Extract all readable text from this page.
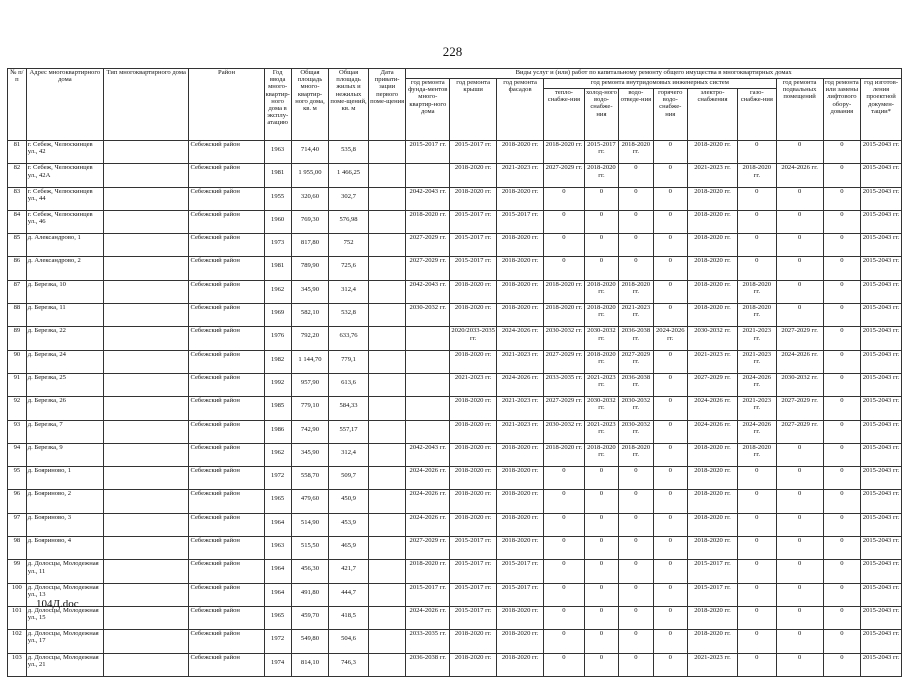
228
№ п/п	Адрес многоквартирного дома	Тип многоквартирного дома	Район	Год ввода много-квартир-ного дома в эксплу-атацию	Общая площадь много-квартир-ного дома, кв. м	Общая площадь жилых и нежилых поме-щений, кв. м	Дата привати-зации первого поме-щения	Виды услуг и (или) работ по капитальному ремонту общего имущества в многоквартирных домах											
								год ремонта фунда-ментов много-квартир-ного дома	год ремонта крыши	год ремонта фасадов	год ремонта внутридомовых инженерных систем						год ремонта подвальных помещений	год ремонта или замены лифтового обору-дования	год изготов-ления проектной докумен-тации*
											тепло-снабже-ния	холод-ного водо-снабже-ния	водо-отведе-ния	горячего водо-снабже-ния	электро-снабжения	газо-снабже-ния			
81	г. Себеж, Челюскинцев ул., 42		Себежский район	1963	714,40	535,8		2015-2017 гг.	2015-2017 гг.	2018-2020 гг.	2018-2020 гг.	2015-2017 гг.	2018-2020 гг.	0	2018-2020 гг.	0	0	0	2015-2043 гг.
82	г. Себеж, Челюскинцев ул., 42А		Себежский район	1981	1 955,00	1 466,25			2018-2020 гг.	2021-2023 гг.	2027-2029 гг.	2018-2020 гг.	0	0	2021-2023 гг.	2018-2020 гг.	2024-2026 гг.	0	2015-2043 гг.
83	г. Себеж, Челюскинцев ул., 44		Себежский район	1955	320,60	302,7		2042-2043 гг.	2018-2020 гг.	2018-2020 гг.	0	0	0	0	2018-2020 гг.	0	0	0	2015-2043 гг.
84	г. Себеж, Челюскинцев ул., 46		Себежский район	1960	769,30	576,98		2018-2020 гг.	2015-2017 гг.	2015-2017 гг.	0	0	0	0	2018-2020 гг.	0	0	0	2015-2043 гг.
85	д. Александрово, 1		Себежский район	1973	817,80	752		2027-2029 гг.	2015-2017 гг.	2018-2020 гг.	0	0	0	0	2018-2020 гг.	0	0	0	2015-2043 гг.
86	д. Александрово, 2		Себежский район	1981	789,90	725,6		2027-2029 гг.	2015-2017 гг.	2018-2020 гг.	0	0	0	0	2018-2020 гг.	0	0	0	2015-2043 гг.
87	д. Березка, 10		Себежский район	1962	345,90	312,4		2042-2043 гг.	2018-2020 гг.	2018-2020 гг.	2018-2020 гг.	2018-2020 гг.	2018-2020 гг.	0	2018-2020 гг.	2018-2020 гг.	0	0	2015-2043 гг.
88	д. Березка, 11		Себежский район	1969	582,10	532,8		2030-2032 гг.	2018-2020 гг.	2018-2020 гг.	2018-2020 гг.	2018-2020 гг.	2021-2023 гг.	0	2018-2020 гг.	2018-2020 гг.	0	0	2015-2043 гг.
89	д. Березка, 22		Себежский район	1976	792,20	633,76			2020/2033-2035 гг.	2024-2026 гг.	2030-2032 гг.	2030-2032 гг.	2036-2038 гг.	2024-2026 гг.	2030-2032 гг.	2021-2023 гг.	2027-2029 гг.	0	2015-2043 гг.
90	д. Березка, 24		Себежский район	1982	1 144,70	779,1			2018-2020 гг.	2021-2023 гг.	2027-2029 гг.	2018-2020 гг.	2027-2029 гг.	0	2021-2023 гг.	2021-2023 гг.	2024-2026 гг.	0	2015-2043 гг.
91	д. Березка, 25		Себежский район	1992	957,90	613,6			2021-2023 гг.	2024-2026 гг.	2033-2035 гг.	2021-2023 гг.	2036-2038 гг.	0	2027-2029 гг.	2024-2026 гг.	2030-2032 гг.	0	2015-2043 гг.
92	д. Березка, 26		Себежский район	1985	779,10	584,33			2018-2020 гг.	2021-2023 гг.	2027-2029 гг.	2030-2032 гг.	2030-2032 гг.	0	2024-2026 гг.	2021-2023 гг.	2027-2029 гг.	0	2015-2043 гг.
93	д. Березка, 7		Себежский район	1986	742,90	557,17			2018-2020 гг.	2021-2023 гг.	2030-2032 гг.	2021-2023 гг.	2030-2032 гг.	0	2024-2026 гг.	2024-2026 гг.	2027-2029 гг.	0	2015-2043 гг.
94	д. Березка, 9		Себежский район	1962	345,90	312,4		2042-2043 гг.	2018-2020 гг.	2018-2020 гг.	2018-2020 гг.	2018-2020 гг.	2018-2020 гг.	0	2018-2020 гг.	2018-2020 гг.	0	0	2015-2043 гг.
95	д. Бояриново, 1		Себежский район	1972	558,70	509,7		2024-2026 гг.	2018-2020 гг.	2018-2020 гг.	0	0	0	0	2018-2020 гг.	0	0	0	2015-2043 гг.
96	д. Бояриново, 2		Себежский район	1965	479,60	450,9		2024-2026 гг.	2018-2020 гг.	2018-2020 гг.	0	0	0	0	2018-2020 гг.	0	0	0	2015-2043 гг.
97	д. Бояриново, 3		Себежский район	1964	514,90	453,9		2024-2026 гг.	2018-2020 гг.	2018-2020 гг.	0	0	0	0	2018-2020 гг.	0	0	0	2015-2043 гг.
98	д. Бояриново, 4		Себежский район	1963	515,50	465,9		2027-2029 гг.	2015-2017 гг.	2018-2020 гг.	0	0	0	0	2018-2020 гг.	0	0	0	2015-2043 гг.
99	д. Долосцы, Молодежная ул., 11		Себежский район	1964	456,30	421,7		2018-2020 гг.	2015-2017 гг.	2015-2017 гг.	0	0	0	0	2015-2017 гг.	0	0	0	2015-2043 гг.
100	д. Долосцы, Молодежная ул., 13		Себежский район	1964	491,80	444,7		2015-2017 гг.	2015-2017 гг.	2015-2017 гг.	0	0	0	0	2015-2017 гг.	0	0	0	2015-2043 гг.
101	д. Долосцы, Молодежная ул., 15		Себежский район	1965	459,70	418,5		2024-2026 гг.	2015-2017 гг.	2018-2020 гг.	0	0	0	0	2018-2020 гг.	0	0	0	2015-2043 гг.
102	д. Долосцы, Молодежная ул., 17		Себежский район	1972	549,80	504,6		2033-2035 гг.	2018-2020 гг.	2018-2020 гг.	0	0	0	0	2018-2020 гг.	0	0	0	2015-2043 гг.
103	д. Долосцы, Молодежная ул., 21		Себежский район	1974	814,10	746,3		2036-2038 гг.	2018-2020 гг.	2018-2020 гг.	0	0	0	0	2021-2023 гг.	0	0	0	2015-2043 гг.
104Д.doc
